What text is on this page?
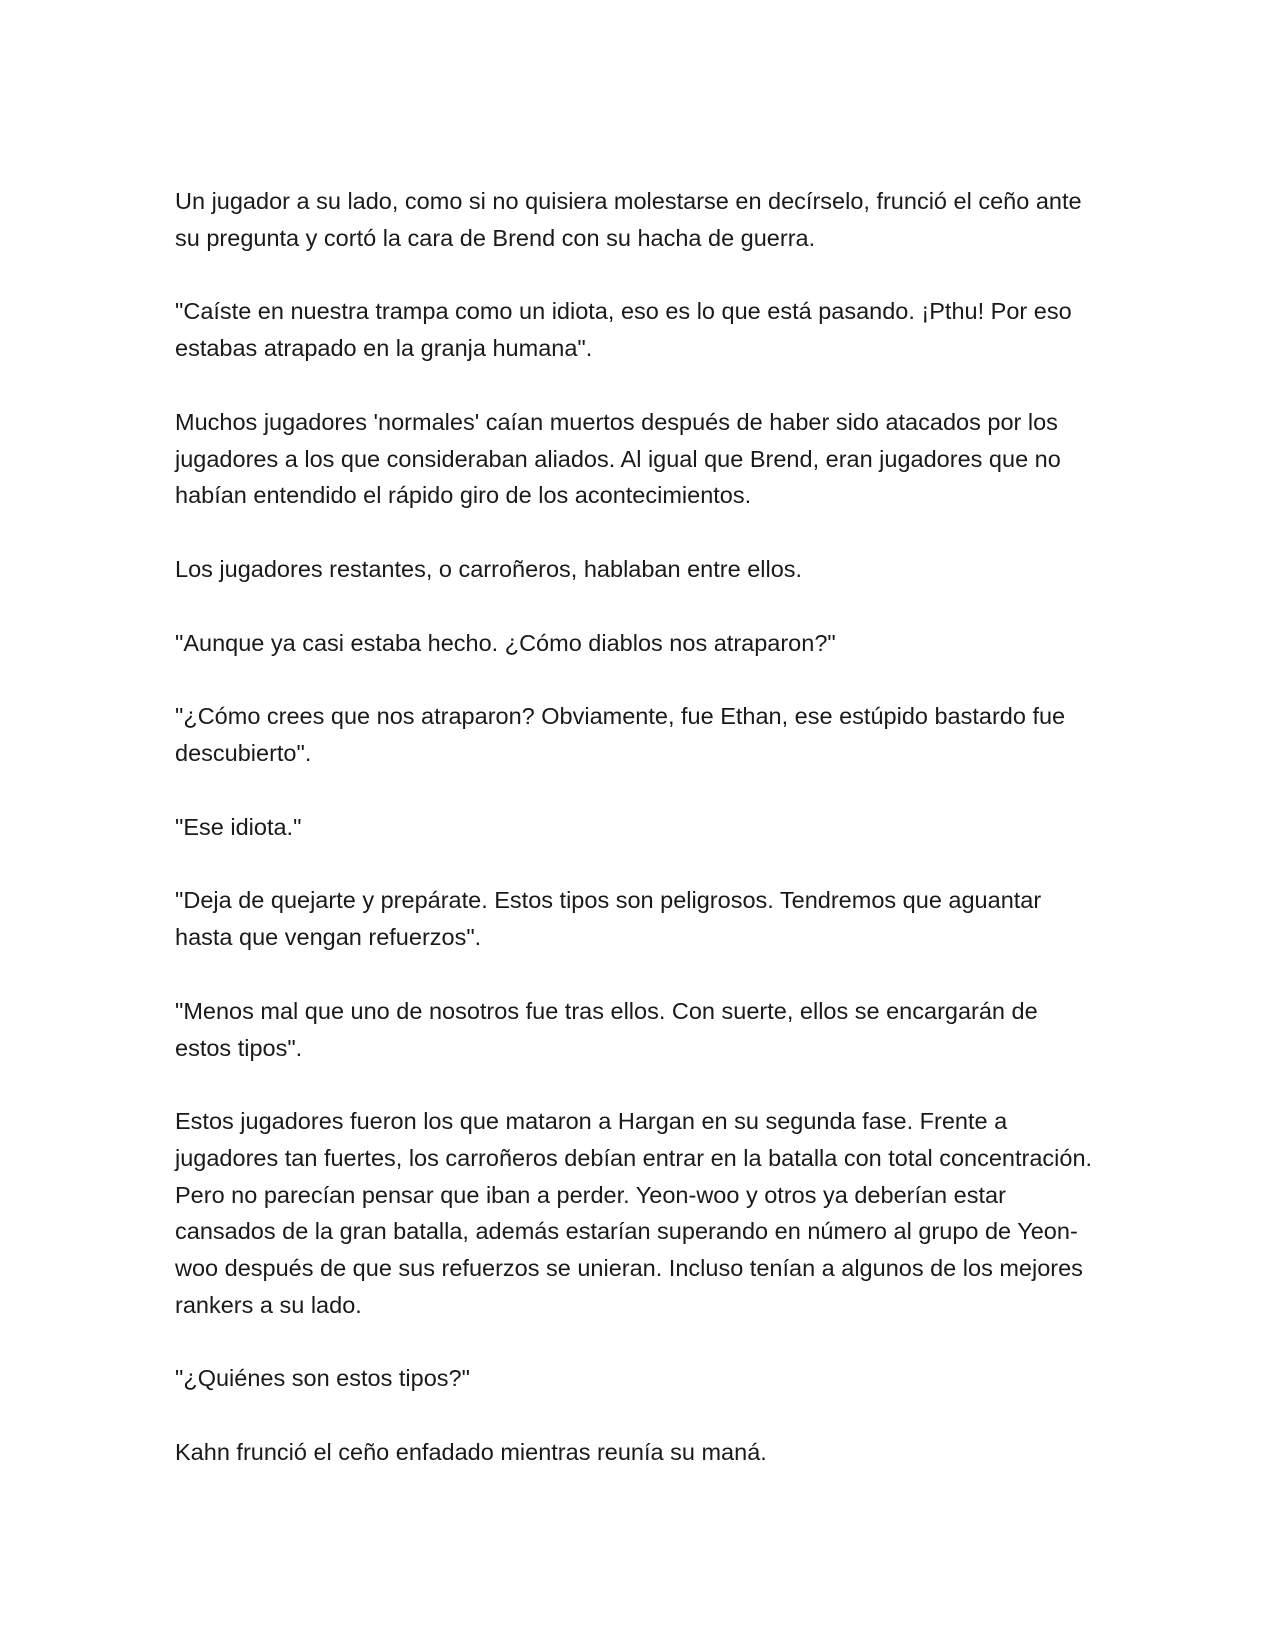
Un jugador a su lado, como si no quisiera molestarse en decírselo, frunció el ceño ante su pregunta y cortó la cara de Brend con su hacha de guerra.

"Caíste en nuestra trampa como un idiota, eso es lo que está pasando. ¡Pthu! Por eso estabas atrapado en la granja humana".

Muchos jugadores 'normales' caían muertos después de haber sido atacados por los jugadores a los que consideraban aliados. Al igual que Brend, eran jugadores que no habían entendido el rápido giro de los acontecimientos.

Los jugadores restantes, o carroñeros, hablaban entre ellos.

"Aunque ya casi estaba hecho. ¿Cómo diablos nos atraparon?"

"¿Cómo crees que nos atraparon? Obviamente, fue Ethan, ese estúpido bastardo fue descubierto".

"Ese idiota."

"Deja de quejarte y prepárate. Estos tipos son peligrosos. Tendremos que aguantar hasta que vengan refuerzos".

"Menos mal que uno de nosotros fue tras ellos. Con suerte, ellos se encargarán de estos tipos".

Estos jugadores fueron los que mataron a Hargan en su segunda fase. Frente a jugadores tan fuertes, los carroñeros debían entrar en la batalla con total concentración. Pero no parecían pensar que iban a perder. Yeon-woo y otros ya deberían estar cansados de la gran batalla, además estarían superando en número al grupo de Yeon-woo después de que sus refuerzos se unieran. Incluso tenían a algunos de los mejores rankers a su lado.

"¿Quiénes son estos tipos?"

Kahn frunció el ceño enfadado mientras reunía su maná.
